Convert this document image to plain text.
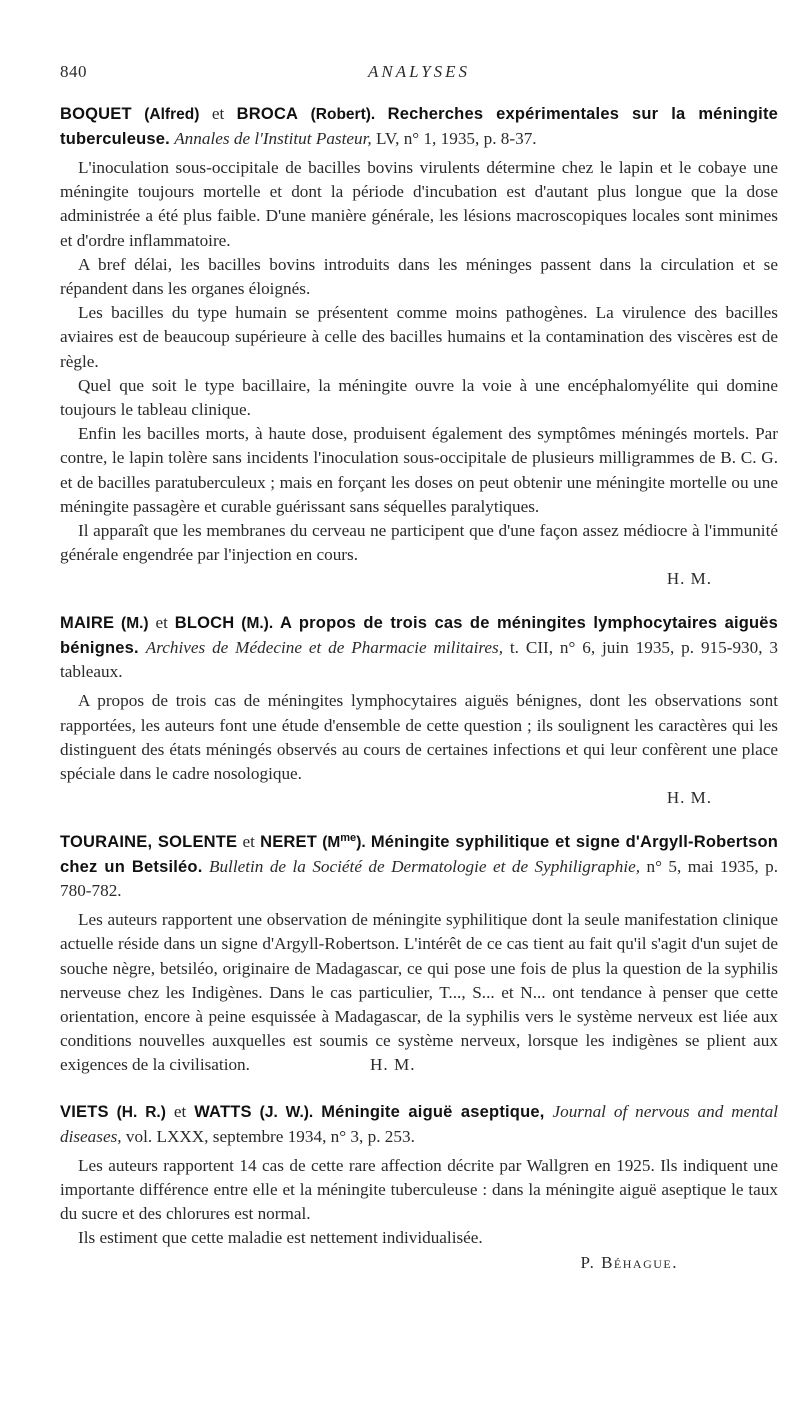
840	ANALYSES

BOQUET (Alfred) et BROCA (Robert). Recherches expérimentales sur la méningite tuberculeuse. Annales de l'Institut Pasteur, LV, n° 1, 1935, p. 8-37.

L'inoculation sous-occipitale de bacilles bovins virulents détermine chez le lapin et le cobaye une méningite toujours mortelle et dont la période d'incubation est d'autant plus longue que la dose administrée a été plus faible. D'une manière générale, les lésions macroscopiques locales sont minimes et d'ordre inflammatoire.

A bref délai, les bacilles bovins introduits dans les méninges passent dans la circulation et se répandent dans les organes éloignés.

Les bacilles du type humain se présentent comme moins pathogènes. La virulence des bacilles aviaires est de beaucoup supérieure à celle des bacilles humains et la contamination des viscères est de règle.

Quel que soit le type bacillaire, la méningite ouvre la voie à une encéphalomyélite qui domine toujours le tableau clinique.

Enfin les bacilles morts, à haute dose, produisent également des symptômes méningés mortels. Par contre, le lapin tolère sans incidents l'inoculation sous-occipitale de plusieurs milligrammes de B. C. G. et de bacilles paratuberculeux ; mais en forçant les doses on peut obtenir une méningite mortelle ou une méningite passagère et curable guérissant sans séquelles paralytiques.

Il apparaît que les membranes du cerveau ne participent que d'une façon assez médiocre à l'immunité générale engendrée par l'injection en cours.

H. M.

MAIRE (M.) et BLOCH (M.). A propos de trois cas de méningites lymphocytaires aiguës bénignes. Archives de Médecine et de Pharmacie militaires, t. CII, n° 6, juin 1935, p. 915-930, 3 tableaux.

A propos de trois cas de méningites lymphocytaires aiguës bénignes, dont les observations sont rapportées, les auteurs font une étude d'ensemble de cette question ; ils soulignent les caractères qui les distinguent des états méningés observés au cours de certaines infections et qui leur confèrent une place spéciale dans le cadre nosologique.

H. M.

TOURAINE, SOLENTE et NERET $(M^{me})$. Méningite syphilitique et signe d'Argyll-Robertson chez un Betsiléo. Bulletin de la Société de Dermatologie et de Syphiligraphie, n° 5, mai 1935, p. 780-782.

Les auteurs rapportent une observation de méningite syphilitique dont la seule manifestation clinique actuelle réside dans un signe d'Argyll-Robertson. L'intérêt de ce cas tient au fait qu'il s'agit d'un sujet de souche nègre, betsiléo, originaire de Madagascar, ce qui pose une fois de plus la question de la syphilis nerveuse chez les Indigènes. Dans le cas particulier, T..., S... et N... ont tendance à penser que cette orientation, encore à peine esquissée à Madagascar, de la syphilis vers le système nerveux est liée aux conditions nouvelles auxquelles est soumis ce système nerveux, lorsque les indigènes se plient aux exigences de la civilisation.	H. M.

VIETS (H. R.) et WATTS (J. W.). Méningite aiguë aseptique, Journal of nervous and mental diseases, vol. LXXX, septembre 1934, n° 3, p. 253.

Les auteurs rapportent 14 cas de cette rare affection décrite par Wallgren en 1925. Ils indiquent une importante différence entre elle et la méningite tuberculeuse : dans la méningite aiguë aseptique le taux du sucre et des chlorures est normal.

Ils estiment que cette maladie est nettement individualisée.

P. Béhague.
